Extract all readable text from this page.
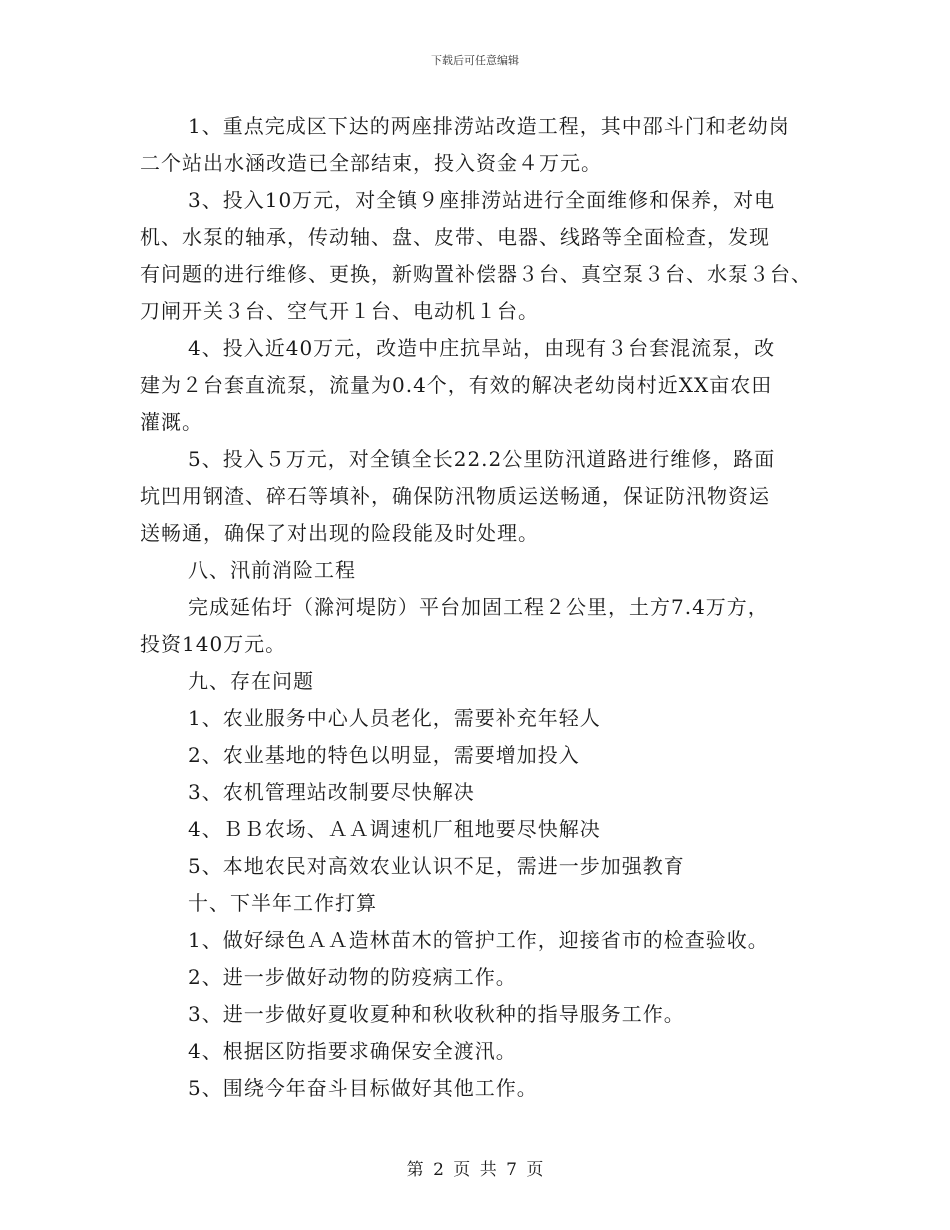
下载后可任意编辑
1、重点完成区下达的两座排涝站改造工程，其中邵斗门和老幼岗
二个站出水涵改造已全部结束，投入资金４万元。
3、投入10万元，对全镇９座排涝站进行全面维修和保养，对电
机、水泵的轴承，传动轴、盘、皮带、电器、线路等全面检查，发现
有问题的进行维修、更换，新购置补偿器３台、真空泵３台、水泵３台、
刀闸开关３台、空气开１台、电动机１台。
4、投入近40万元，改造中庄抗旱站，由现有３台套混流泵，改
建为２台套直流泵，流量为0.4个，有效的解决老幼岗村近XX亩农田
灌溉。
5、投入５万元，对全镇全长22.2公里防汛道路进行维修，路面
坑凹用钢渣、碎石等填补，确保防汛物质运送畅通，保证防汛物资运
送畅通，确保了对出现的险段能及时处理。
八、汛前消险工程
完成延佑圩（滁河堤防）平台加固工程２公里，土方7.4万方，
投资140万元。
九、存在问题
1、农业服务中心人员老化，需要补充年轻人
2、农业基地的特色以明显，需要增加投入
3、农机管理站改制要尽快解决
4、ＢＢ农场、ＡＡ调速机厂租地要尽快解决
5、本地农民对高效农业认识不足，需进一步加强教育
十、下半年工作打算
1、做好绿色ＡＡ造林苗木的管护工作，迎接省市的检查验收。
2、进一步做好动物的防疫病工作。
3、进一步做好夏收夏种和秋收秋种的指导服务工作。
4、根据区防指要求确保安全渡汛。
5、围绕今年奋斗目标做好其他工作。
第 2 页 共 7 页
